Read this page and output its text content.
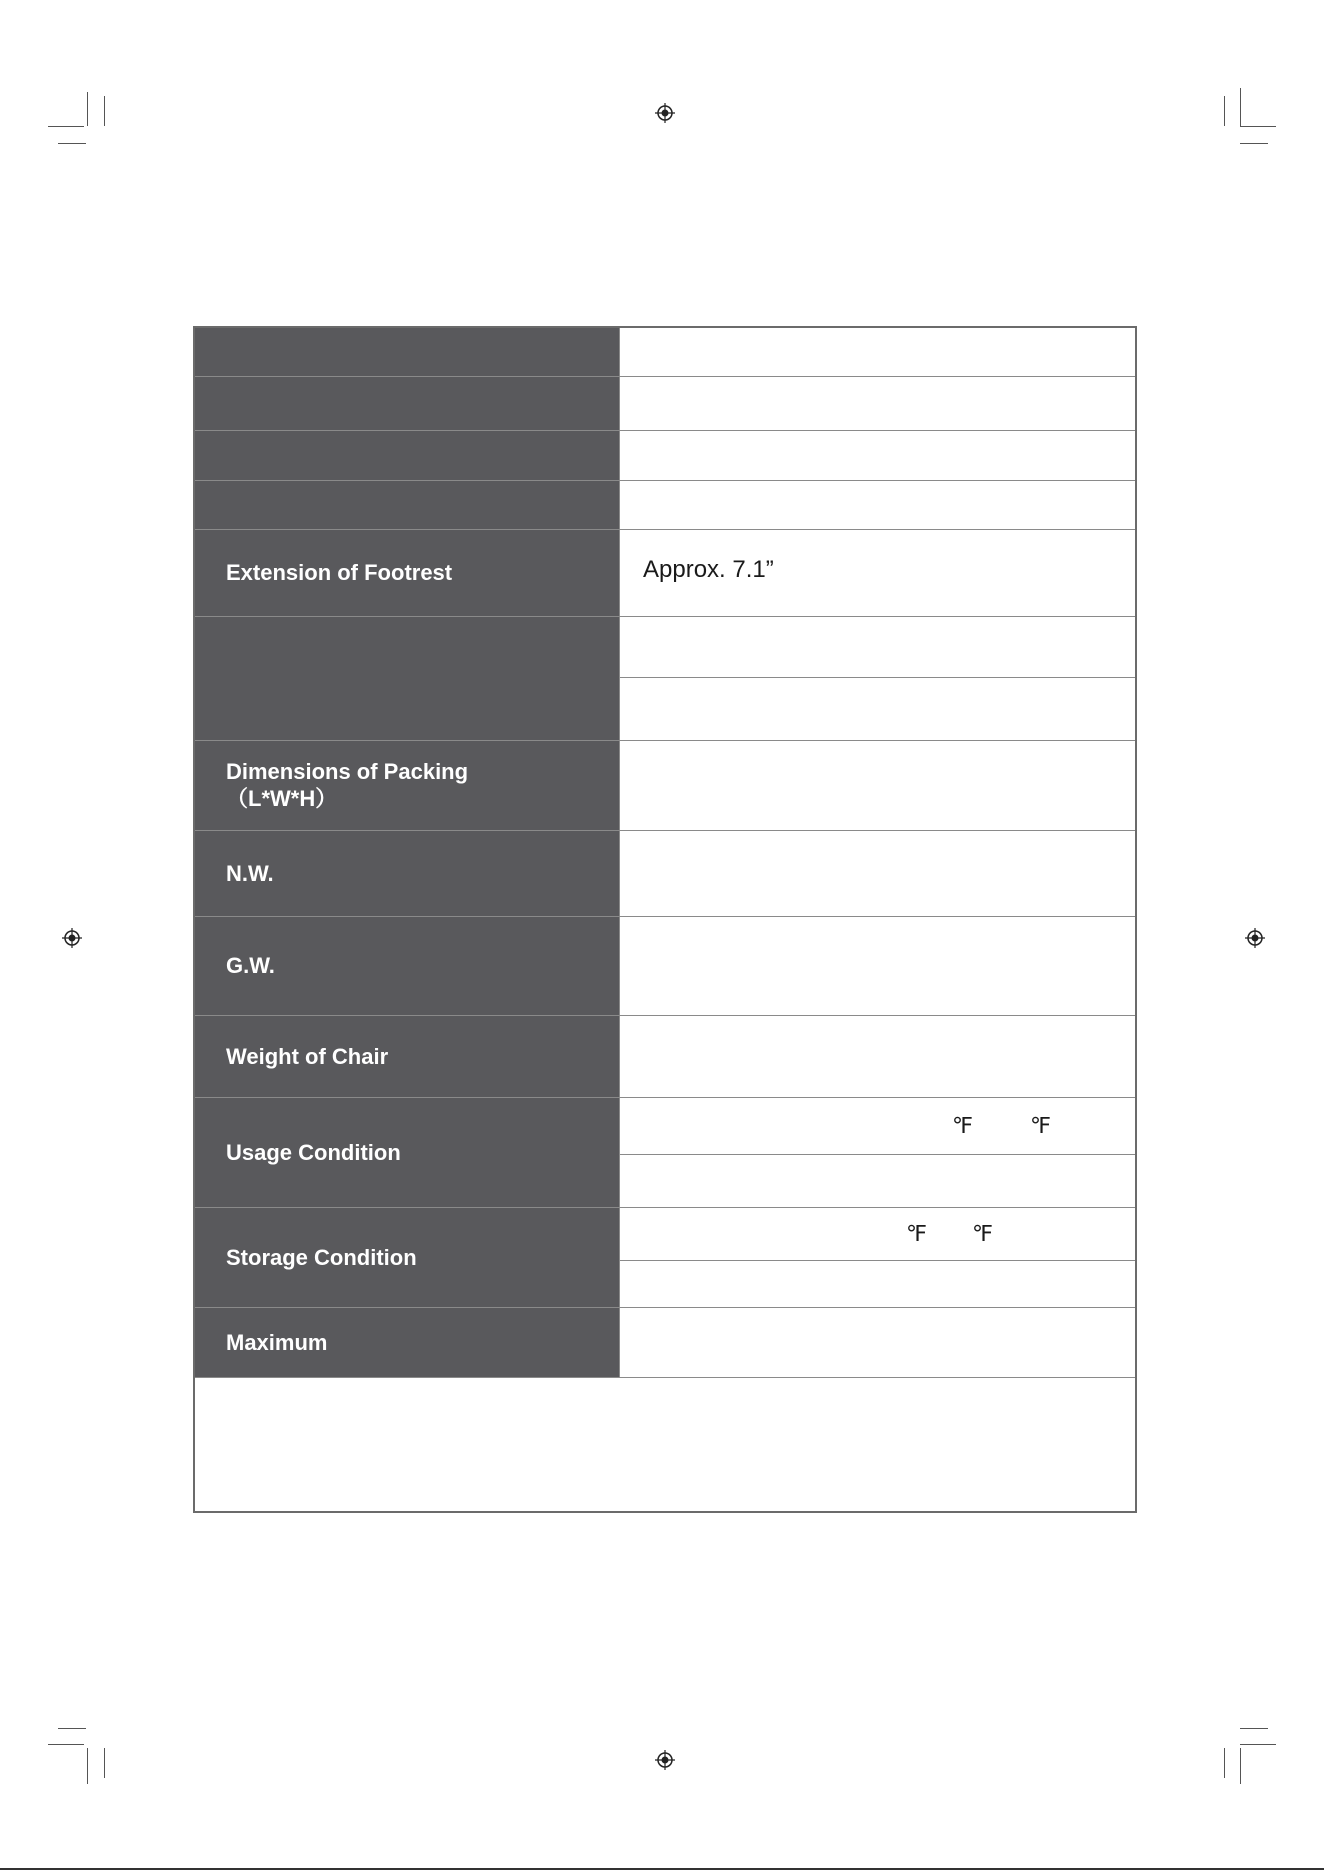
Extension of Footrest	Approx. 7.1”

Dimensions of Packing
（L*W*H）	

N.W.	
G.W.	
Weight of Chair	
Usage Condition	℉ ℉

Storage Condition	℉ ℉

Maximum	
